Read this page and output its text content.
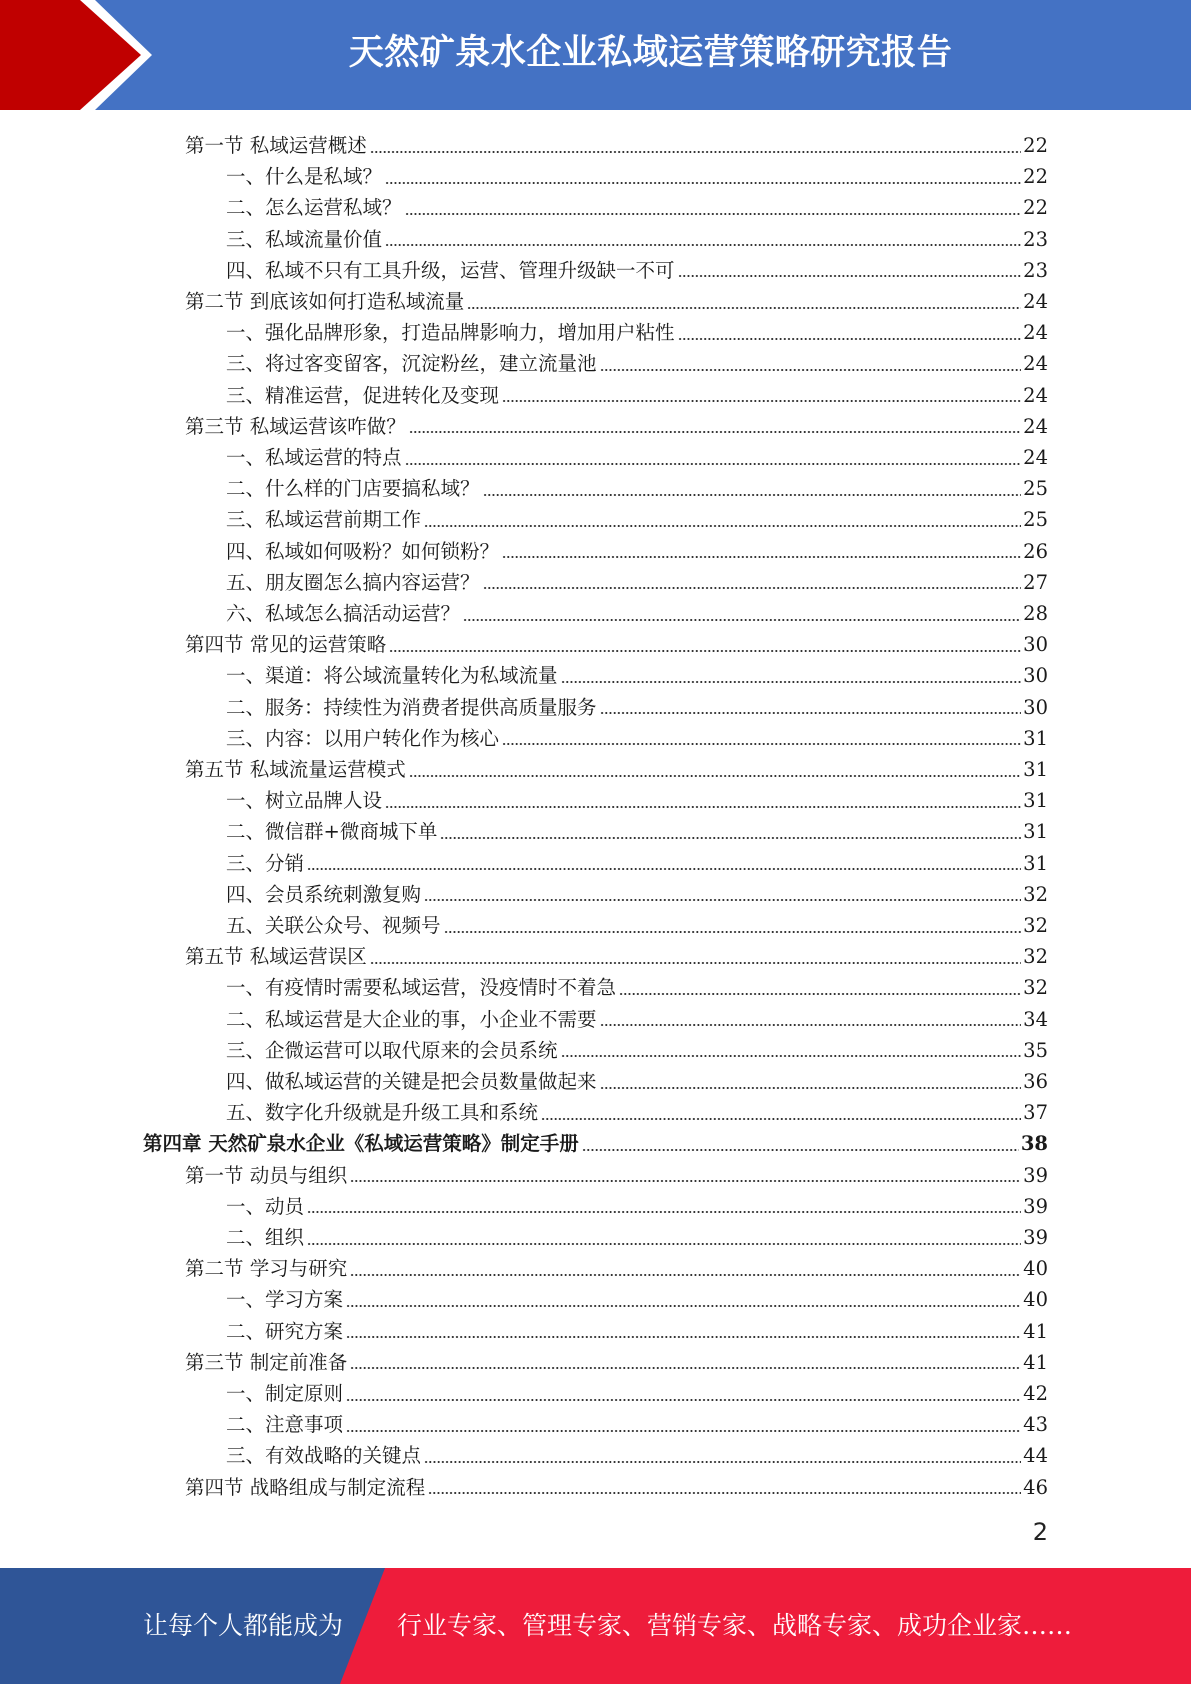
天然矿泉水企业私域运营策略研究报告
第一节 私域运营概述	22
一、什么是私域？	22
二、怎么运营私域？	22
三、私域流量价值	23
四、私域不只有工具升级，运营、管理升级缺一不可	23
第二节 到底该如何打造私域流量	24
一、强化品牌形象，打造品牌影响力，增加用户粘性	24
三、将过客变留客，沉淀粉丝，建立流量池	24
三、精准运营，促进转化及变现	24
第三节 私域运营该咋做？	24
一、私域运营的特点	24
二、什么样的门店要搞私域？	25
三、私域运营前期工作	25
四、私域如何吸粉？如何锁粉？	26
五、朋友圈怎么搞内容运营？	27
六、私域怎么搞活动运营？	28
第四节 常见的运营策略	30
一、渠道：将公域流量转化为私域流量	30
二、服务：持续性为消费者提供高质量服务	30
三、内容：以用户转化作为核心	31
第五节 私域流量运营模式	31
一、树立品牌人设	31
二、微信群+微商城下单	31
三、分销	31
四、会员系统刺激复购	32
五、关联公众号、视频号	32
第五节 私域运营误区	32
一、有疫情时需要私域运营，没疫情时不着急	32
二、私域运营是大企业的事，小企业不需要	34
三、企微运营可以取代原来的会员系统	35
四、做私域运营的关键是把会员数量做起来	36
五、数字化升级就是升级工具和系统	37
第四章 天然矿泉水企业《私域运营策略》制定手册	38
第一节 动员与组织	39
一、动员	39
二、组织	39
第二节 学习与研究	40
一、学习方案	40
二、研究方案	41
第三节 制定前准备	41
一、制定原则	42
二、注意事项	43
三、有效战略的关键点	44
第四节 战略组成与制定流程	46
2
让每个人都能成为 行业专家、管理专家、营销专家、战略专家、成功企业家……
